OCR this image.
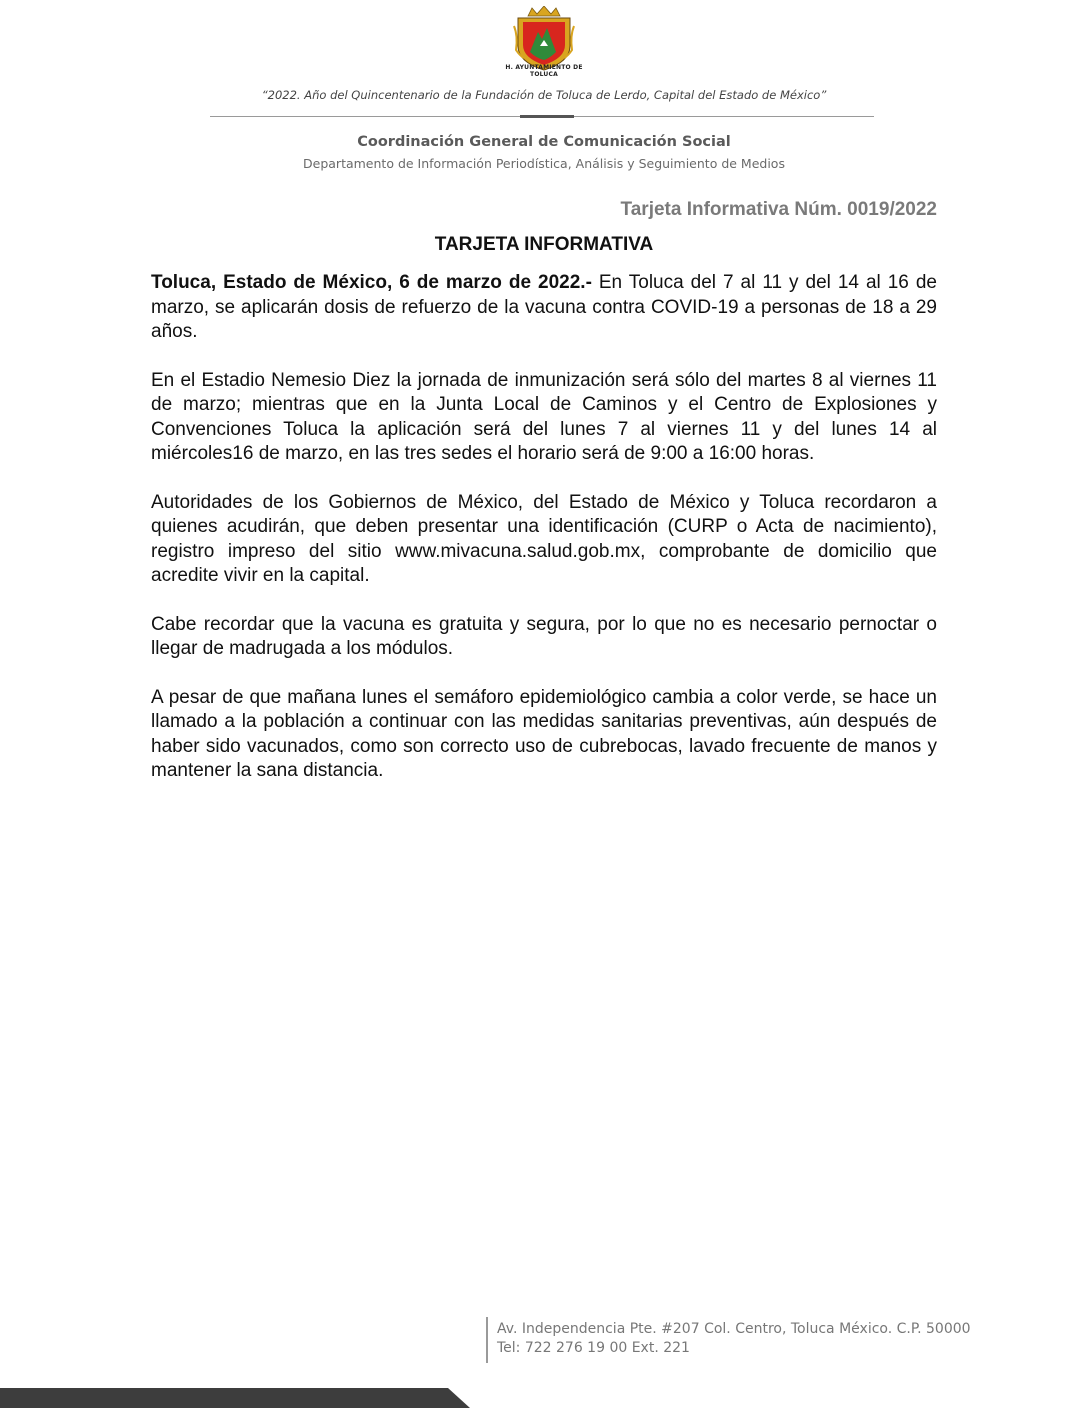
H. AYUNTAMIENTO DE TOLUCA
“2022. Año del Quincentenario de la Fundación de Toluca de Lerdo, Capital del Estado de México”
Coordinación General de Comunicación Social
Departamento de Información Periodística, Análisis y Seguimiento de Medios
Tarjeta Informativa Núm. 0019/2022
TARJETA INFORMATIVA

Toluca, Estado de México, 6 de marzo de 2022.- En Toluca del 7 al 11 y del 14 al 16 de marzo, se aplicarán dosis de refuerzo de la vacuna contra COVID-19 a personas de 18 a 29 años.

En el Estadio Nemesio Diez la jornada de inmunización será sólo del martes 8 al viernes 11 de marzo; mientras que en la Junta Local de Caminos y el Centro de Explosiones y Convenciones Toluca la aplicación será del lunes 7 al viernes 11 y del lunes 14 al miércoles16 de marzo, en las tres sedes el horario será de 9:00 a 16:00 horas.

Autoridades de los Gobiernos de México, del Estado de México y Toluca recordaron a quienes acudirán, que deben presentar una identificación (CURP o Acta de nacimiento), registro impreso del sitio www.mivacuna.salud.gob.mx, comprobante de domicilio que acredite vivir en la capital.

Cabe recordar que la vacuna es gratuita y segura, por lo que no es necesario pernoctar o llegar de madrugada a los módulos.

A pesar de que mañana lunes el semáforo epidemiológico cambia a color verde, se hace un llamado a la población a continuar con las medidas sanitarias preventivas, aún después de haber sido vacunados, como son correcto uso de cubrebocas, lavado frecuente de manos y mantener la sana distancia.

Av. Independencia Pte. #207 Col. Centro, Toluca México. C.P. 50000
Tel: 722 276 19 00 Ext. 221
